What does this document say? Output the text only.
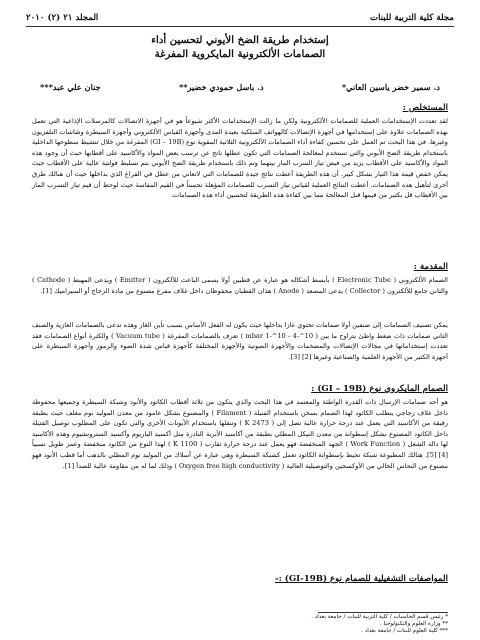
مجلة كلية التربية للبنات
المجلد ٢١ (٢) ٢٠١٠
إستخدام طريقة الضخ الأيوني لتحسين أداء
الصمامات الألكترونية المايكروية المفرغة
د. سمير خضر ياسين العاني*
د. باسل حمودي خضير**
جنان علي عبد***
المستخلص :
لقد تعددت الإستخدامات العملية للصمامات الألكترونية ولكن ما زالت الإستخدامات الأكثر شيوعاً هو في أجهزة الاتصالات كالمرسلات الإذاعية التي تعمل بهذه الصمامات علاوة على إستخدامها في أجهزة الإتصالات كالهواتف السلكية بعيدة المدى وأجهزة القياس الألكتروني وأجهزة السيطرة وشاشات التلفزيون وغيرها. في هذا البحث تم العمل على تحسين كفاءة أداء الصمامات الألكترونية الثلاثية المقوية نوع (GI – 19B) المفرغة من خلال تنشيط سطوحها الداخلية باستخدام طريقة الضخ الأيوني والتي تستخدم لمعالجة الصمامات التي تكون عطلها ناتج عن ترسب بعض المواد والأكاسيد على أقطابها حيث أن وجود هذه المواد والأكاسيد على الأقطاب يزيد من فيض تيار السرب المار بينهما وتم ذلك باستخدام طريقة الضخ الأيوني بتم تسليط فولتية عالية على الأقطاب حيث يمكن خفض قيمة هذا التيار بشكل كبير. أن هذه الطريقة أعطت نتائج جيدة للصمامات التي لاتعاني من عطل في الفراغ الذي بداخلها حيث أن هنالك طرق أخرى لتأهيل هذه الصمامات. أعطت النتائج العملية لقياس تيار التسرب للصمامات المؤهلة تحسناً في القيم المقاسة حيث لوحظ أن قيم تيار التسرب المار بين الأقطاب قل بكثير من قيمها قبل المعالجة مما بين كفاءة هذه الطريقة لتحسين أداء هذه الصمامات.
المقدمة :
الصمام الألكتروني ( Electronic Tube ) بأبسط أشكاله هو عبارة عن قطبين أولا يسمى الباعث للألكترون ( Emitter ) ويدعى المهبط ( Cathode ) والثاني جامع للألكترون ( Collector ) يدعى المصعد ( Anode ) هذان القطبان محفوظان داخل غلاف مفرغ مصنوع من مادة الزجاج أو السيراميك [1].
يمكن تصنيف الصمامات إلى صنفين أولا صمامات تحتوي غازا بداخلها حيث يكون له الفعل الأساس بسبب تأين الغاز وهذه تدعى بالصمامات الغازية والصنف الثاني صمامات ذات ضغط واطئ يتراوح ما بين ( 10^-4 - 10^-1 mbar ) تعرف بالصمامات المفرغة ( Vacuum tube ) والكثرة أنواع الصمامات فقد تعددت إستخداماتها في مجالات الإتصالات والمضخمات والأجهزة الصوتية والأجهزة المختلفة كأجهزة قياس شدة الضوء والرموز وأجهزة السيطرة على أجهزة الكثير من الأجهزة العلمية والصناعية وغيرها [2] [3].
الصمام المايكروي نوع (GI – 19B) :
هو أحد صمامات الإرسال ذات القدرة الواطئة والمعتمد في هذا البحث والذي يتكون من ثلاثة أقطاب الكاثود والأنود وشبكة السيطرة وجميعها محفوظة داخل غلاف زجاجي يتطلب الكاثود لهذا الصمام بسخن باستخدام الفتيلة ( Filament ) والمصنوع بشكل عامود من معدن الموليد نوم مغلف حيث بطبقة رقيقة من الأكاسيد التي يعمل عند درجة حرارة عالية تصل إلى ( 2473 K ) وتنقلها باستخدام الأيونات الأخرى والتي تكون على المطلوب توصيل الفتيلة داخل الكاثود المصنوع بشكل إسطوانة من معدن النيكل المطلي بطبقة من أكاسيد الأتربة النادرة مثل أكسيد الباريوم وأكسيد السترونشيوم وهذه الأكاسيد لها دالة الشغل ( Work Function ) الجهد المنخفضة فهو يعمل عند درجة حرارة تقارب ( 1100 K ) لهذا النوع من الكاثود منخفضة وعمر طويل نسبياً [4] [5]. هنالك المطبوعة شبكة تحيط بإسطوانة الكاثود تعمل كشبكة السيطرة وهي عبارة عن أسلاك من الموليد نوم المطلي بالذهب أما قطب الأنود فهو مصنوع من النحاس الخالي من الأوكسجين والتوصيلية العالية ( Oxygen free high conductivity ) وذلك لما له من مقاومة عالية للصدأ [1].
المواصفات التشغيلية للصمام نوع (GI-19B) :-
* رئيس قسم الحاسبات / كلية التربية للبنات / جامعة بغداد .
** وزارة العلوم والتكنولوجيا .
*** كلية العلوم للبنات / جامعة بغداد .
